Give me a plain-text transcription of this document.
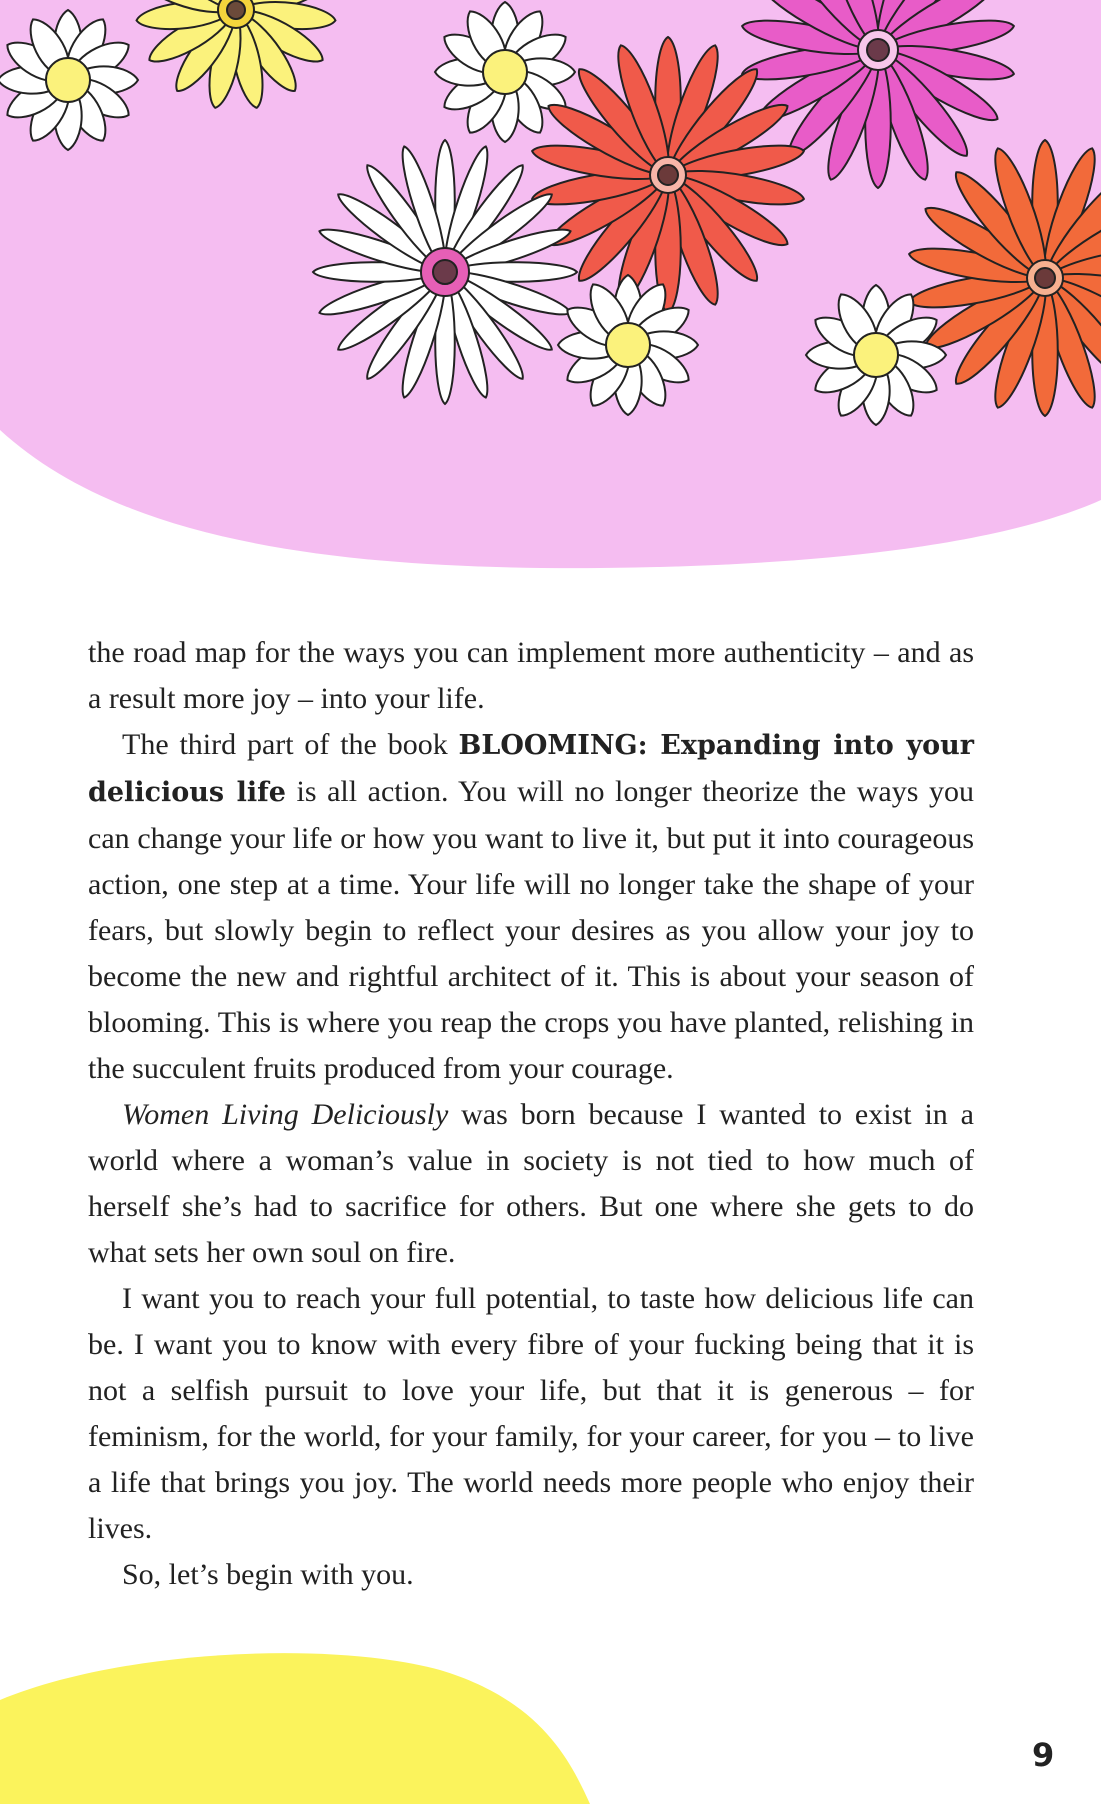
the road map for the ways you can implement more authenticity – and as a result more joy – into your life.

The third part of the book BLOOMING: Expanding into your delicious life is all action. You will no longer theorize the ways you can change your life or how you want to live it, but put it into courageous action, one step at a time. Your life will no longer take the shape of your fears, but slowly begin to reflect your desires as you allow your joy to become the new and rightful architect of it. This is about your season of blooming. This is where you reap the crops you have planted, relishing in the succulent fruits produced from your courage.

Women Living Deliciously was born because I wanted to exist in a world where a woman’s value in society is not tied to how much of herself she’s had to sacrifice for others. But one where she gets to do what sets her own soul on fire.

I want you to reach your full potential, to taste how delicious life can be. I want you to know with every fibre of your fucking being that it is not a selfish pursuit to love your life, but that it is generous – for feminism, for the world, for your family, for your career, for you – to live a life that brings you joy. The world needs more people who enjoy their lives.

So, let’s begin with you.

9
